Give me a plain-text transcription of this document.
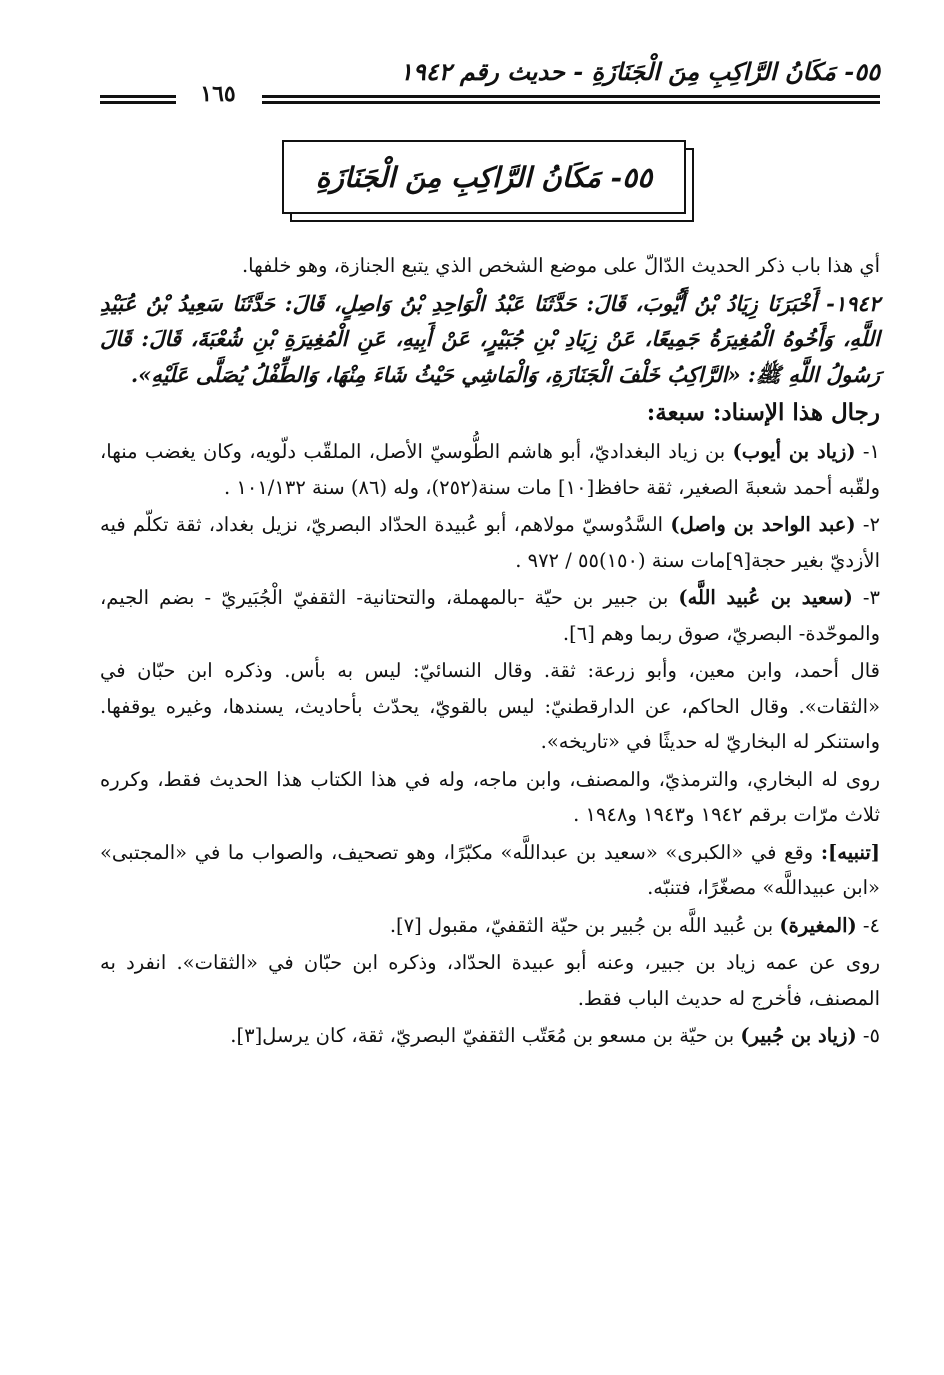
٥٥- مَكَانُ الرَّاكِبِ مِنَ الْجَنَازَةِ - حديث رقم ١٩٤٢
١٦٥
٥٥- مَكَانُ الرَّاكِبِ مِنَ الْجَنَازَةِ

أي هذا باب ذكر الحديث الدّالّ على موضع الشخص الذي يتبع الجنازة، وهو خلفها.

١٩٤٢- أَخْبَرَنَا زِيَادُ بْنُ أَيُّوبَ، قَالَ: حَدَّثَنَا عَبْدُ الْوَاحِدِ بْنُ وَاصِلٍ، قَالَ: حَدَّثَنَا سَعِيدُ بْنُ عُبَيْدِ اللَّهِ، وَأَخُوهُ الْمُغِيرَةُ جَمِيعًا، عَنْ زِيَادِ بْنِ جُبَيْرٍ، عَنْ أَبِيهِ، عَنِ الْمُغِيرَةِ بْنِ شُعْبَةَ، قَالَ: قَالَ رَسُولُ اللَّهِ ﷺ: «الرَّاكِبُ خَلْفَ الْجَنَازَةِ، وَالْمَاشِي حَيْثُ شَاءَ مِنْهَا، وَالطِّفْلُ يُصَلَّى عَلَيْهِ».

رجال هذا الإسناد: سبعة:

١- (زياد بن أيوب) بن زياد البغداديّ، أبو هاشم الطُّوسيّ الأصل، الملقّب دلّويه، وكان يغضب منها، ولقّبه أحمد شعبةَ الصغير، ثقة حافظ[١٠] مات سنة(٢٥٢)، وله (٨٦) سنة ١٠١/١٣٢ .

٢- (عبد الواحد بن واصل) السَّدُوسيّ مولاهم، أبو عُبيدة الحدّاد البصريّ، نزيل بغداد، ثقة تكلّم فيه الأزديّ بغير حجة[٩]مات سنة (١٥٠)٥٥ / ٩٧٢ .

٣- (سعيد بن عُبيد اللَّه) بن جبير بن حيّة -بالمهملة، والتحتانية- الثقفيّ الْجُبَيريّ - بضم الجيم، والموحّدة- البصريّ، صوق ربما وهم [٦].

قال أحمد، وابن معين، وأبو زرعة: ثقة. وقال النسائيّ: ليس به بأس. وذكره ابن حبّان في «الثقات». وقال الحاكم، عن الدارقطنيّ: ليس بالقويّ، يحدّث بأحاديث، يسندها، وغيره يوقفها. واستنكر له البخاريّ له حديثًا في «تاريخه».

روى له البخاري، والترمذيّ، والمصنف، وابن ماجه، وله في هذا الكتاب هذا الحديث فقط، وكرره ثلاث مرّات برقم ١٩٤٢ و١٩٤٣ و١٩٤٨ .

[تنبيه]: وقع في «الكبرى» «سعيد بن عبداللَّه» مكبّرًا، وهو تصحيف، والصواب ما في «المجتبى» «ابن عبيداللَّه» مصغّرًا، فتنبّه.

٤- (المغيرة) بن عُبيد اللَّه بن جُبير بن حيّة الثقفيّ، مقبول [٧].

روى عن عمه زياد بن جبير، وعنه أبو عبيدة الحدّاد، وذكره ابن حبّان في «الثقات». انفرد به المصنف، فأخرج له حديث الباب فقط.

٥- (زياد بن جُبير) بن حيّة بن مسعو بن مُعَتّب الثقفيّ البصريّ، ثقة، كان يرسل[٣].
